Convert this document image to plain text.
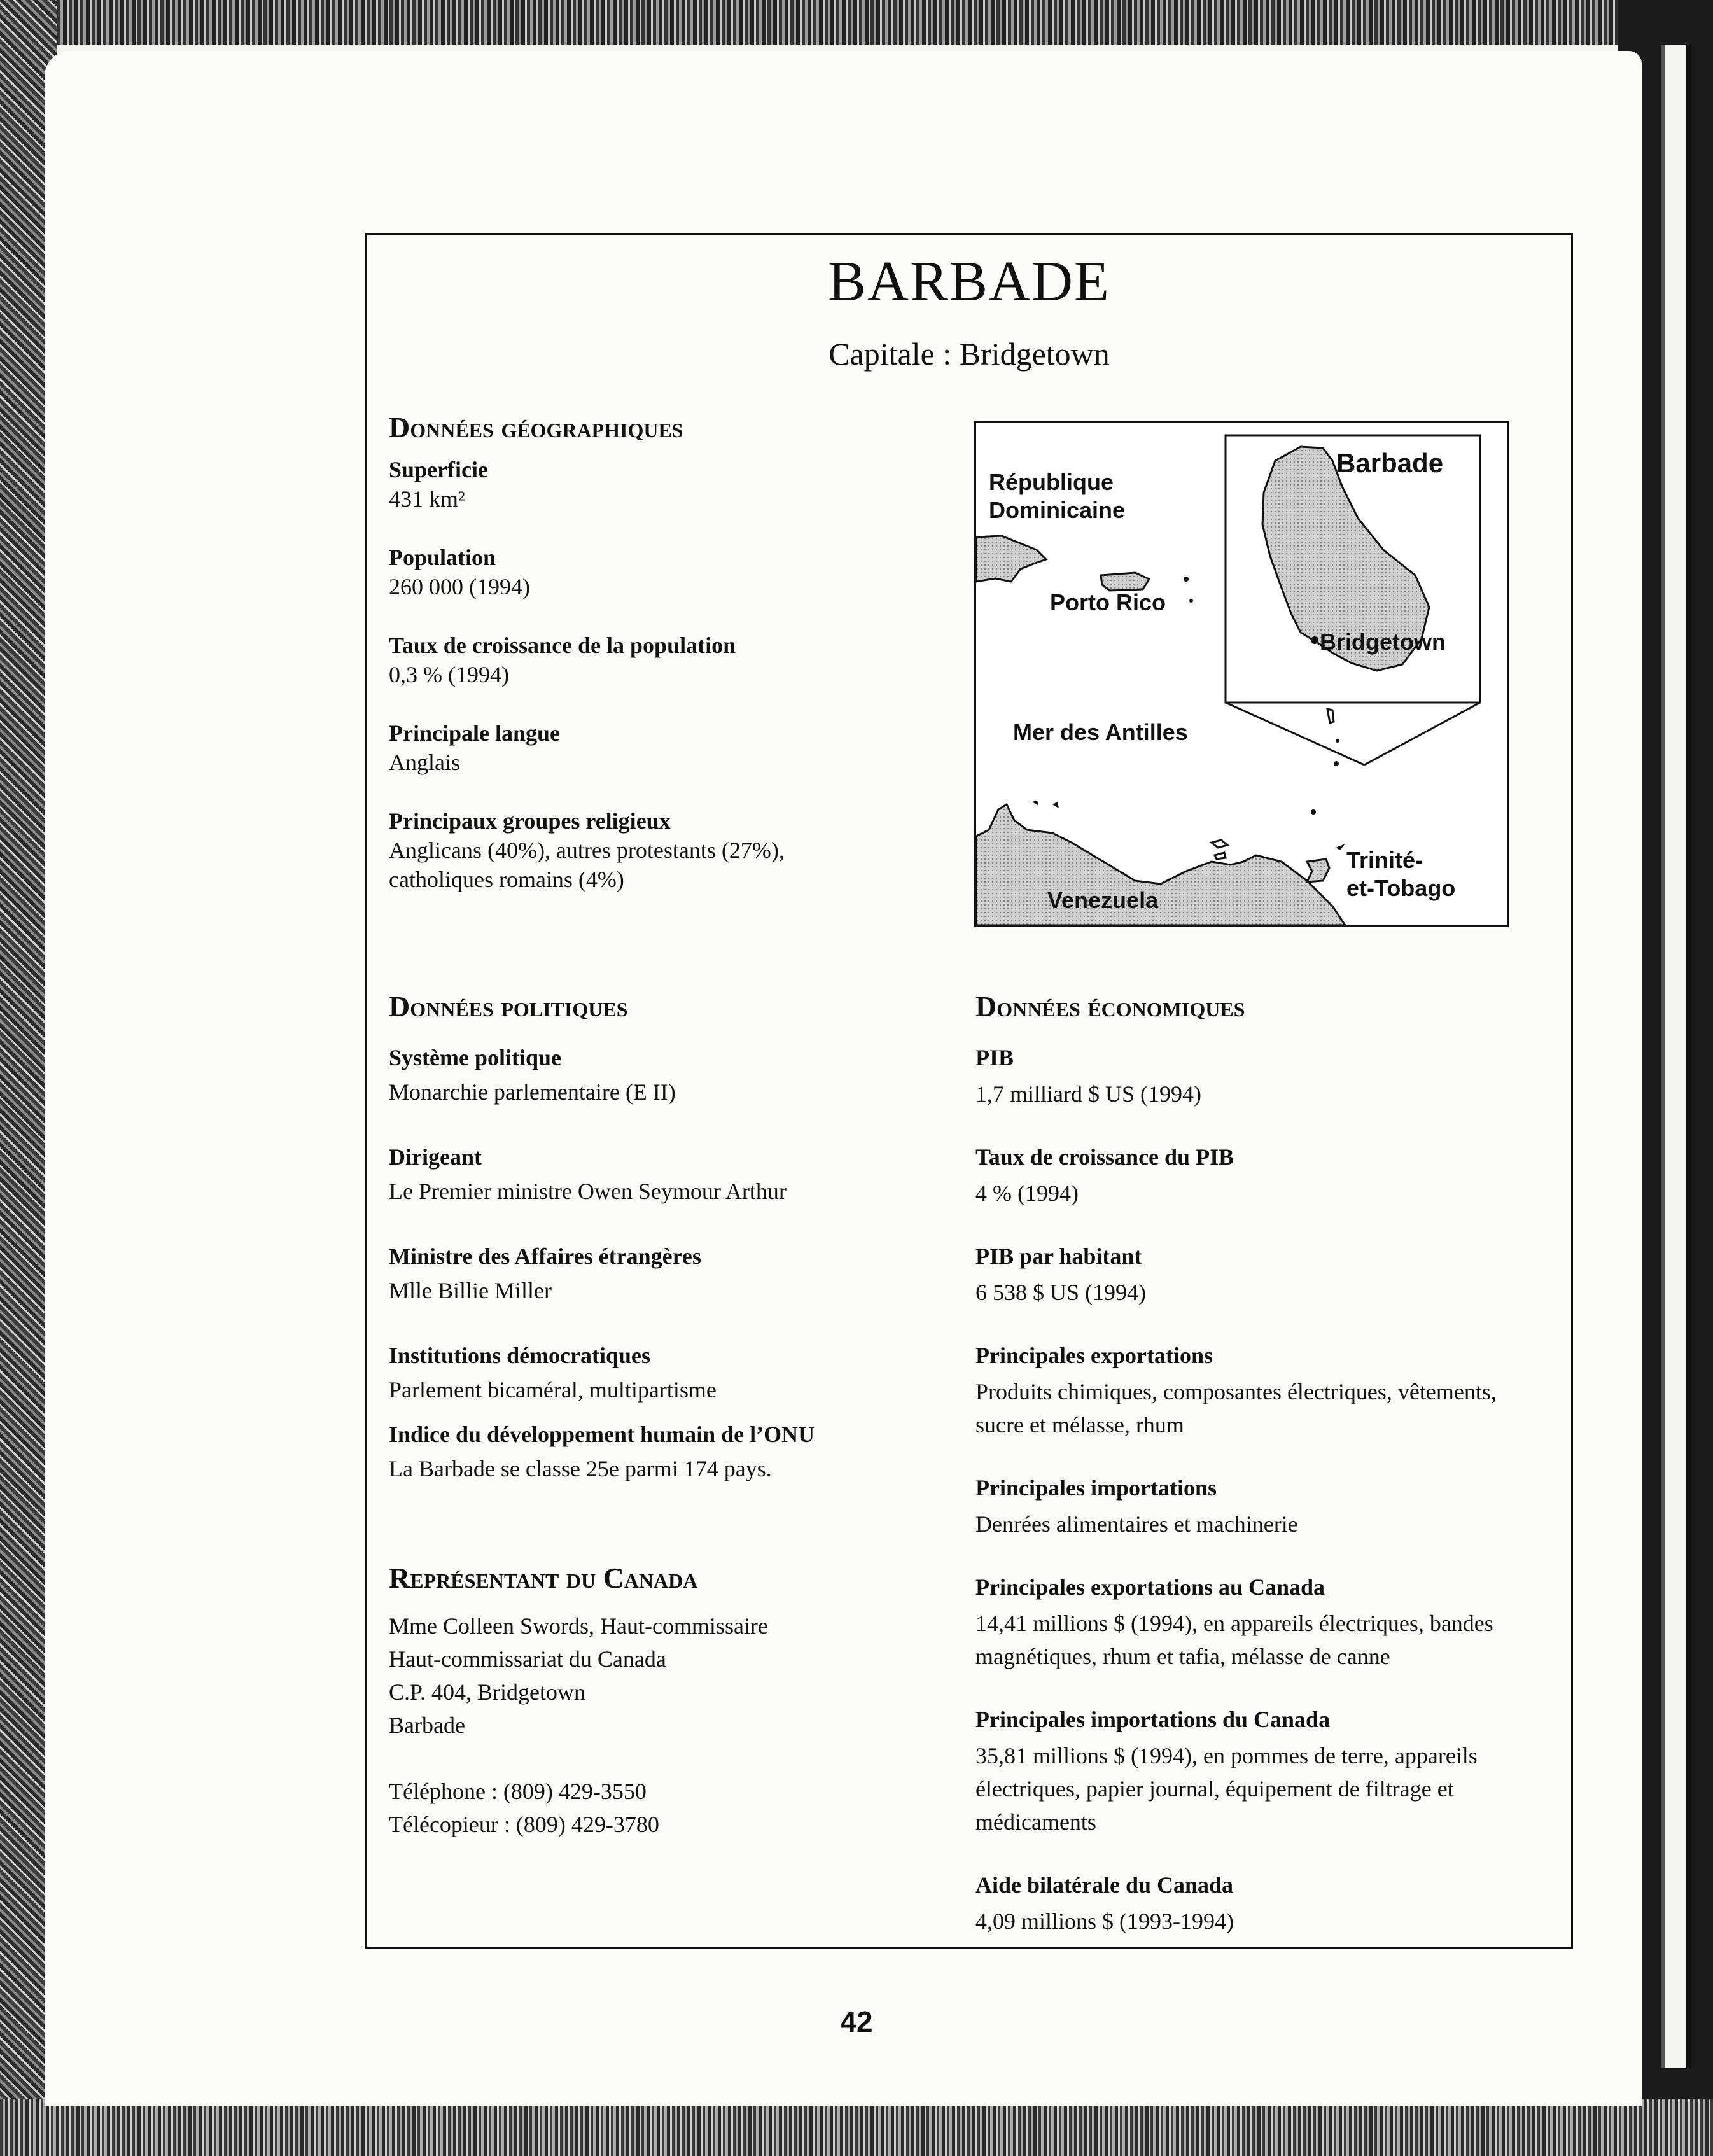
BARBADE
Capitale : Bridgetown
Données géographiques
Superficie
431 km²
Population
260 000 (1994)
Taux de croissance de la population
0,3 % (1994)
Principale langue
Anglais
Principaux groupes religieux
Anglicans (40%), autres protestants (27%),
catholiques romains (4%)
République
Dominicaine
Porto Rico
Mer des Antilles
Venezuela
Trinité-
et-Tobago
Barbade
Bridgetown
Données politiques
Système politique
Monarchie parlementaire (E II)
Dirigeant
Le Premier ministre Owen Seymour Arthur
Ministre des Affaires étrangères
Mlle Billie Miller
Institutions démocratiques
Parlement bicaméral, multipartisme
Indice du développement humain de l’ONU
La Barbade se classe 25e parmi 174 pays.
Représentant du Canada
Mme Colleen Swords, Haut-commissaire
Haut-commissariat du Canada
C.P. 404, Bridgetown
Barbade
Téléphone : (809) 429-3550
Télécopieur : (809) 429-3780
Données économiques
PIB
1,7 milliard $ US (1994)
Taux de croissance du PIB
4 % (1994)
PIB par habitant
6 538 $ US (1994)
Principales exportations
Produits chimiques, composantes électriques, vêtements,
sucre et mélasse, rhum
Principales importations
Denrées alimentaires et machinerie
Principales exportations au Canada
14,41 millions $ (1994), en appareils électriques, bandes
magnétiques, rhum et tafia, mélasse de canne
Principales importations du Canada
35,81 millions $ (1994), en pommes de terre, appareils
électriques, papier journal, équipement de filtrage et
médicaments
Aide bilatérale du Canada
4,09 millions $ (1993-1994)
42
